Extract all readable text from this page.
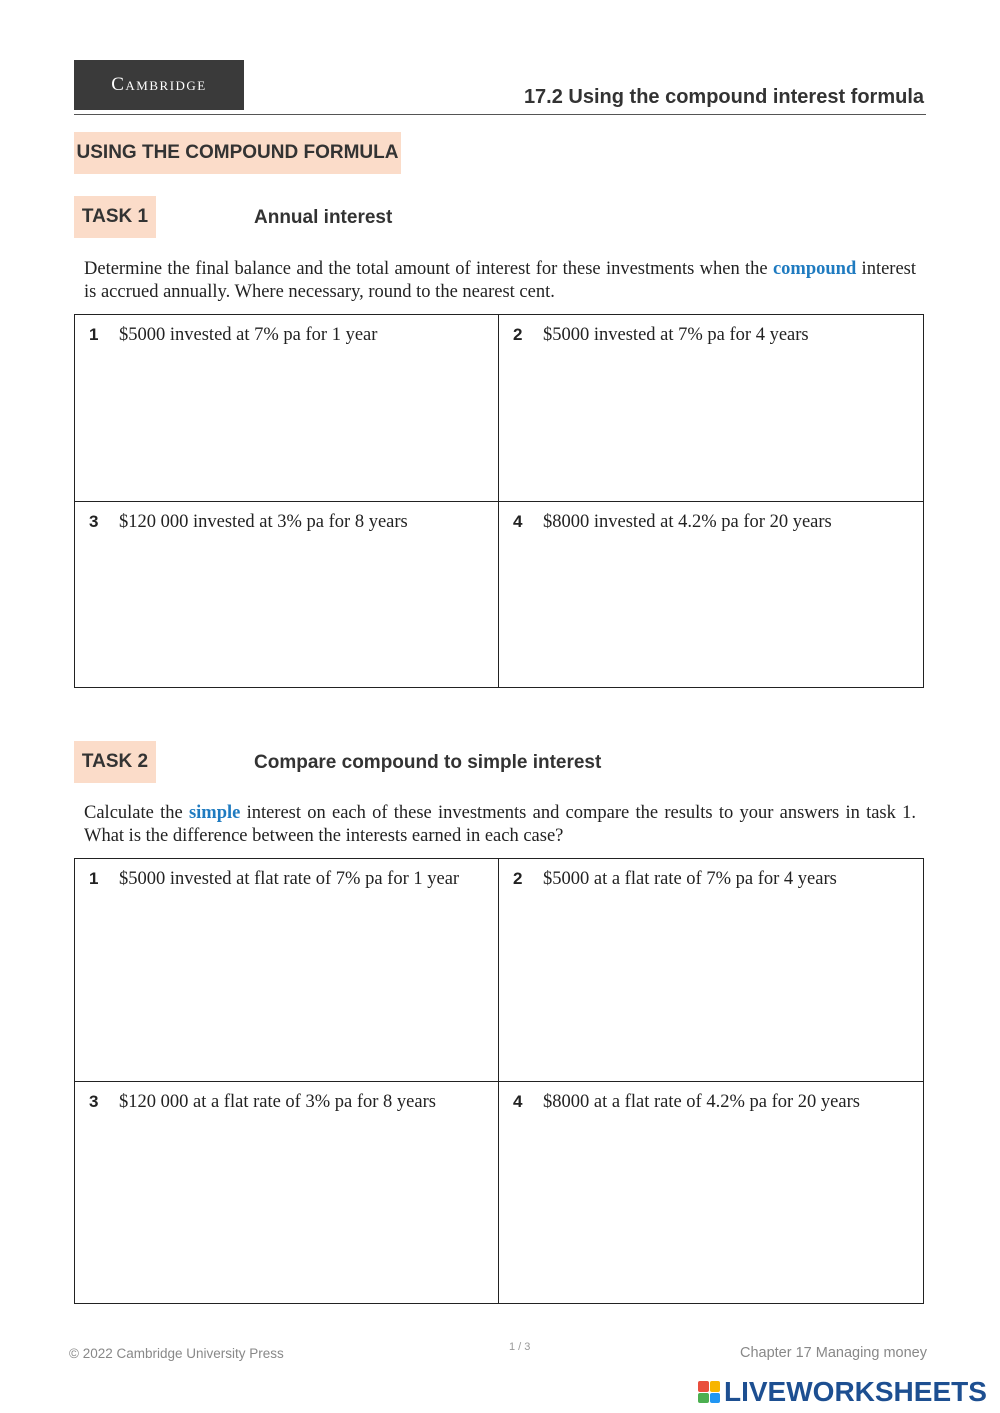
Cambridge
17.2 Using the compound interest formula
USING THE COMPOUND FORMULA
TASK 1	Annual interest
Determine the final balance and the total amount of interest for these investments when the compound interest is accrued annually. Where necessary, round to the nearest cent.
1 $5000 invested at 7% pa for 1 year	2 $5000 invested at 7% pa for 4 years
3 $120 000 invested at 3% pa for 8 years	4 $8000 invested at 4.2% pa for 20 years
TASK 2	Compare compound to simple interest
Calculate the simple interest on each of these investments and compare the results to your answers in task 1. What is the difference between the interests earned in each case?
1 $5000 invested at flat rate of 7% pa for 1 year	2 $5000 at a flat rate of 7% pa for 4 years
3 $120 000 at a flat rate of 3% pa for 8 years	4 $8000 at a flat rate of 4.2% pa for 20 years
© 2022 Cambridge University Press	1 / 3	Chapter 17 Managing money
LIVEWORKSHEETS
